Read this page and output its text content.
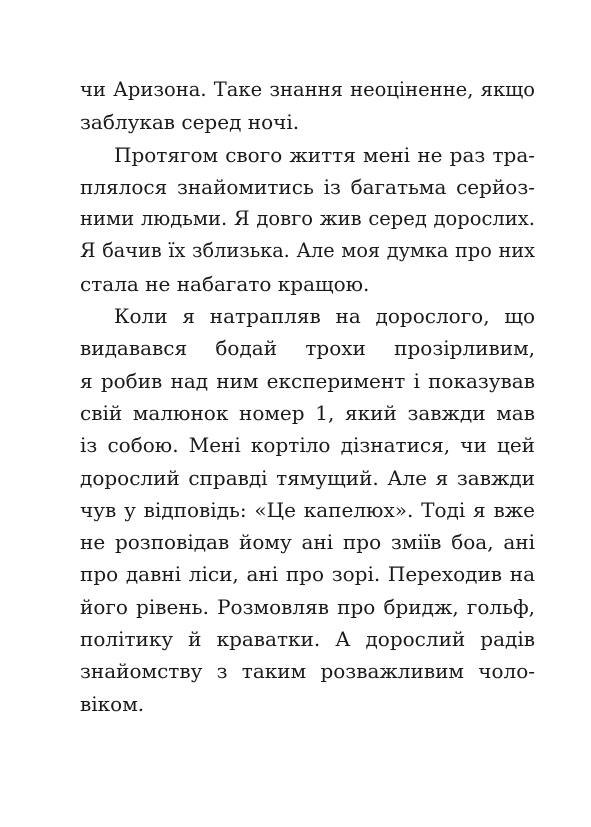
чи Аризона. Таке знання неоціненне, якщо
заблукав серед ночі.
Протягом свого життя мені не раз тра-
плялося знайомитись із багатьма серйоз-
ними людьми. Я довго жив серед дорослих.
Я бачив їх зблизька. Але моя думка про них
стала не набагато кращою.
Коли я натрапляв на дорослого, що
видавався бодай трохи прозірливим,
я робив над ним експеримент і показував
свій малюнок номер 1, який завжди мав
із собою. Мені кортіло дізнатися, чи цей
дорослий справді тямущий. Але я завжди
чув у відповідь: «Це капелюх». Тоді я вже
не розповідав йому ані про зміїв боа, ані
про давні ліси, ані про зорі. Переходив на
його рівень. Розмовляв про бридж, гольф,
політику й краватки. А дорослий радів
знайомству з таким розважливим чоло-
віком.
